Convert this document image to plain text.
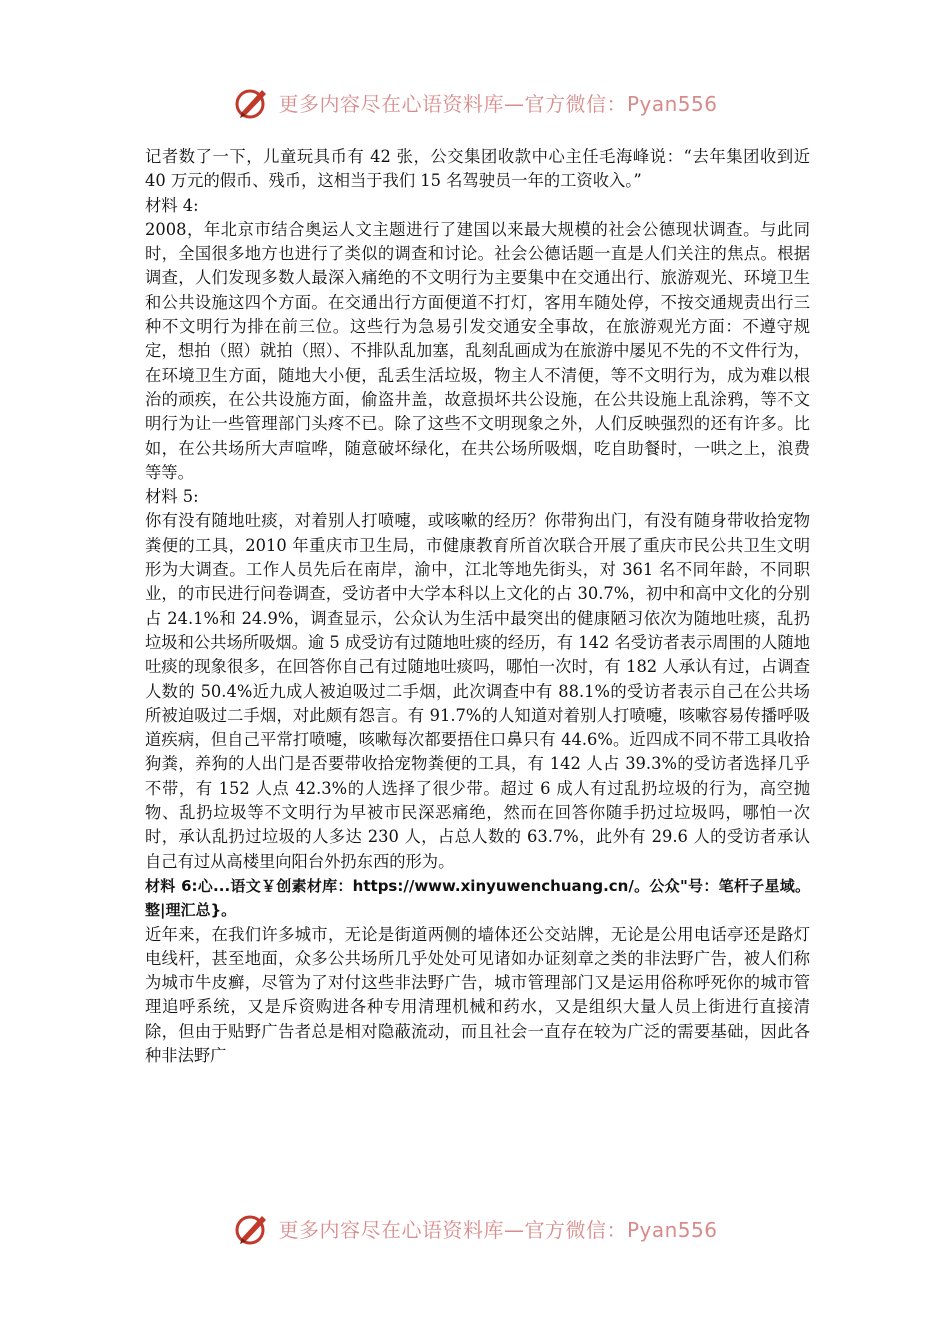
更多内容尽在心语资料库—官方微信：Pyan556

记者数了一下，儿童玩具币有 42 张，公交集团收款中心主任毛海峰说：“去年集团收到近 40 万元的假币、残币，这相当于我们 15 名驾驶员一年的工资收入。”

材料 4:

2008，年北京市结合奥运人文主题进行了建国以来最大规模的社会公德现状调查。与此同时，全国很多地方也进行了类似的调查和讨论。社会公德话题一直是人们关注的焦点。根据调查，人们发现多数人最深入痛绝的不文明行为主要集中在交通出行、旅游观光、环境卫生和公共设施这四个方面。在交通出行方面便道不打灯，客用车随处停，不按交通规责出行三种不文明行为排在前三位。这些行为急易引发交通安全事故，在旅游观光方面：不遵守规定，想拍（照）就拍（照）、不排队乱加塞，乱刻乱画成为在旅游中屡见不先的不文件行为，在环境卫生方面，随地大小便，乱丢生活垃圾，物主人不清便，等不文明行为，成为难以根治的顽疾，在公共设施方面，偷盗井盖，故意损坏共公设施，在公共设施上乱涂鸦，等不文明行为让一些管理部门头疼不已。除了这些不文明现象之外，人们反映强烈的还有许多。比如，在公共场所大声喧哗，随意破坏绿化，在共公场所吸烟，吃自助餐时，一哄之上，浪费等等。

材料 5:

你有没有随地吐痰，对着别人打喷嚏，或咳嗽的经历？你带狗出门，有没有随身带收拾宠物粪便的工具，2010 年重庆市卫生局，市健康教育所首次联合开展了重庆市民公共卫生文明形为大调查。工作人员先后在南岸，渝中，江北等地先街头，对 361 名不同年龄，不同职业，的市民进行问卷调查，受访者中大学本科以上文化的占 30.7%，初中和高中文化的分别占 24.1%和 24.9%，调查显示，公众认为生活中最突出的健康陋习依次为随地吐痰，乱扔垃圾和公共场所吸烟。逾 5 成受访有过随地吐痰的经历，有 142 名受访者表示周围的人随地吐痰的现象很多，在回答你自己有过随地吐痰吗，哪怕一次时，有 182 人承认有过，占调查人数的 50.4%近九成人被迫吸过二手烟，此次调查中有 88.1%的受访者表示自己在公共场所被迫吸过二手烟，对此颇有怨言。有 91.7%的人知道对着别人打喷嚏，咳嗽容易传播呼吸道疾病，但自己平常打喷嚏，咳嗽每次都要捂住口鼻只有 44.6%。近四成不同不带工具收拾狗粪，养狗的人出门是否要带收拾宠物粪便的工具，有 142 人占 39.3%的受访者选择几乎不带，有 152 人点 42.3%的人选择了很少带。超过 6 成人有过乱扔垃圾的行为，高空抛物、乱扔垃圾等不文明行为早被市民深恶痛绝，然而在回答你随手扔过垃圾吗，哪怕一次时，承认乱扔过垃圾的人多达 230 人，占总人数的 63.7%，此外有 29.6 人的受访者承认自己有过从高楼里向阳台外扔东西的形为。

材料 6:心...语文￥创素材库：https://www.xinyuwenchuang.cn/。公众"号：笔杆子星域。整|理汇总}。

近年来，在我们许多城市，无论是街道两侧的墙体还公交站牌，无论是公用电话亭还是路灯电线杆，甚至地面，众多公共场所几乎处处可见诸如办证刻章之类的非法野广告，被人们称为城市牛皮癣，尽管为了对付这些非法野广告，城市管理部门又是运用俗称呼死你的城市管理追呼系统，又是斥资购进各种专用清理机械和药水，又是组织大量人员上街进行直接清除，但由于贴野广告者总是相对隐蔽流动，而且社会一直存在较为广泛的需要基础，因此各种非法野广

更多内容尽在心语资料库—官方微信：Pyan556
